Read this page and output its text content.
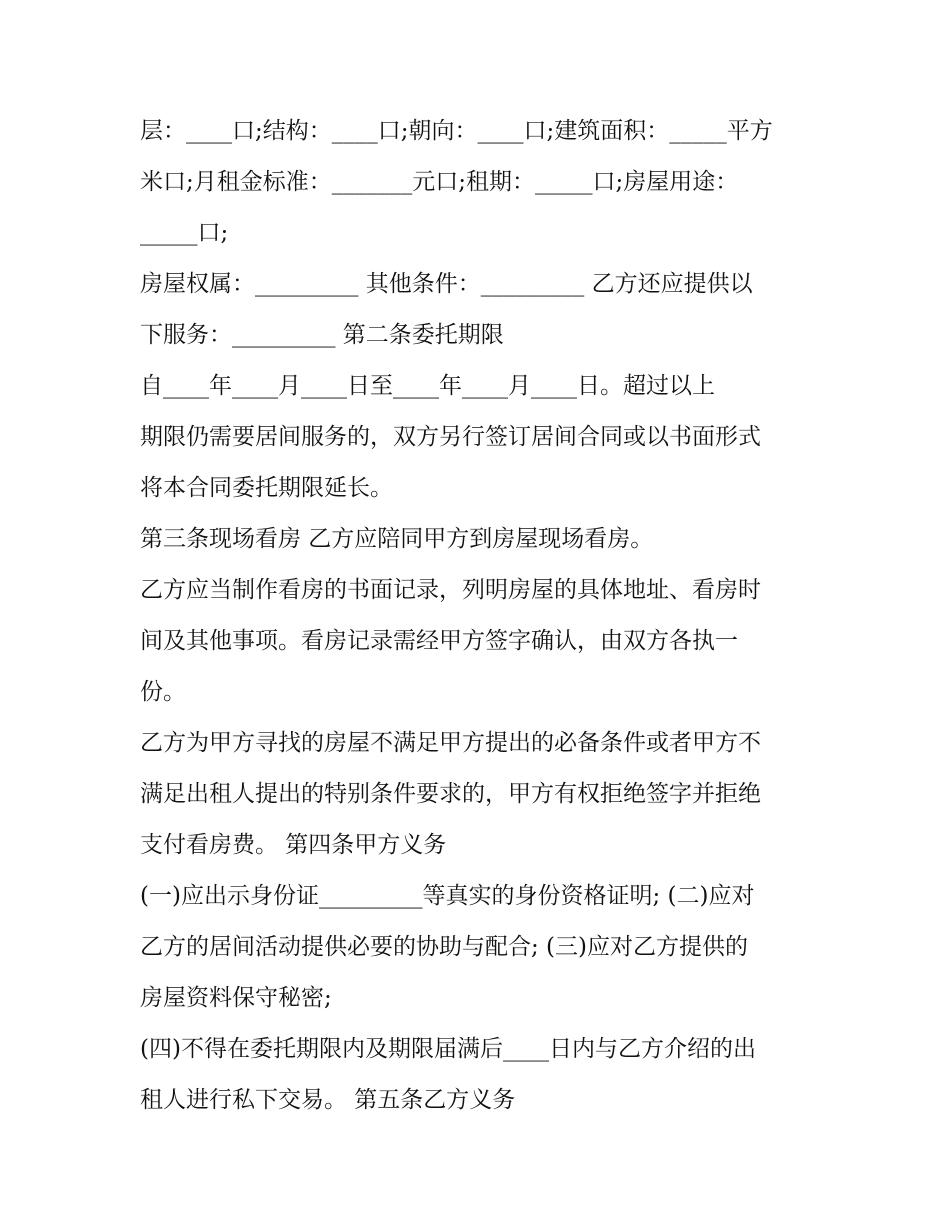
层：____口;结构：____口;朝向：____口;建筑面积：_____平方
米口;月租金标准：_______元口;租期：_____口;房屋用途：
_____口;
房屋权属：_________ 其他条件：_________ 乙方还应提供以
下服务：_________ 第二条委托期限
自____年____月____日至____年____月____日。超过以上
期限仍需要居间服务的，双方另行签订居间合同或以书面形式
将本合同委托期限延长。
第三条现场看房 乙方应陪同甲方到房屋现场看房。
乙方应当制作看房的书面记录，列明房屋的具体地址、看房时
间及其他事项。看房记录需经甲方签字确认，由双方各执一
份。
乙方为甲方寻找的房屋不满足甲方提出的必备条件或者甲方不
满足出租人提出的特别条件要求的，甲方有权拒绝签字并拒绝
支付看房费。 第四条甲方义务
(一)应出示身份证_________等真实的身份资格证明; (二)应对
乙方的居间活动提供必要的协助与配合; (三)应对乙方提供的
房屋资料保守秘密;
(四)不得在委托期限内及期限届满后____日内与乙方介绍的出
租人进行私下交易。 第五条乙方义务
